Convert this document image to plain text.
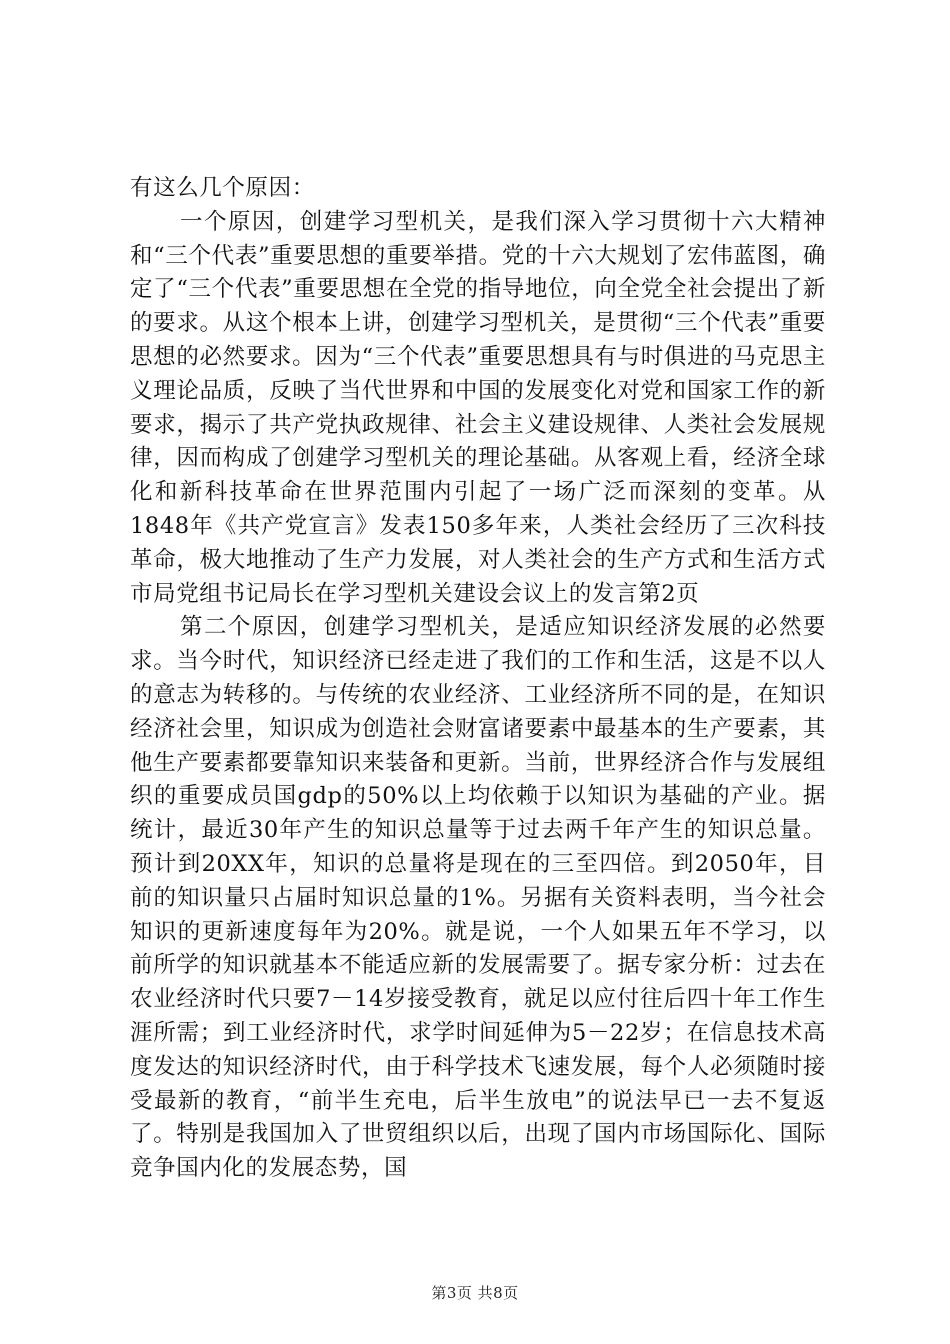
有这么几个原因：

一个原因，创建学习型机关，是我们深入学习贯彻十六大精神和“三个代表”重要思想的重要举措。党的十六大规划了宏伟蓝图，确定了“三个代表”重要思想在全党的指导地位，向全党全社会提出了新的要求。从这个根本上讲，创建学习型机关，是贯彻“三个代表”重要思想的必然要求。因为“三个代表”重要思想具有与时俱进的马克思主义理论品质，反映了当代世界和中国的发展变化对党和国家工作的新要求，揭示了共产党执政规律、社会主义建设规律、人类社会发展规律，因而构成了创建学习型机关的理论基础。从客观上看，经济全球化和新科技革命在世界范围内引起了一场广泛而深刻的变革。从1848年《共产党宣言》发表150多年来，人类社会经历了三次科技革命，极大地推动了生产力发展，对人类社会的生产方式和生活方式市局党组书记局长在学习型机关建设会议上的发言第2页

第二个原因，创建学习型机关，是适应知识经济发展的必然要求。当今时代，知识经济已经走进了我们的工作和生活，这是不以人的意志为转移的。与传统的农业经济、工业经济所不同的是，在知识经济社会里，知识成为创造社会财富诸要素中最基本的生产要素，其他生产要素都要靠知识来装备和更新。当前，世界经济合作与发展组织的重要成员国gdp的50%以上均依赖于以知识为基础的产业。据统计，最近30年产生的知识总量等于过去两千年产生的知识总量。预计到20XX年，知识的总量将是现在的三至四倍。到2050年，目前的知识量只占届时知识总量的1%。另据有关资料表明，当今社会知识的更新速度每年为20%。就是说，一个人如果五年不学习，以前所学的知识就基本不能适应新的发展需要了。据专家分析：过去在农业经济时代只要7－14岁接受教育，就足以应付往后四十年工作生涯所需；到工业经济时代，求学时间延伸为5－22岁；在信息技术高度发达的知识经济时代，由于科学技术飞速发展，每个人必须随时接受最新的教育，“前半生充电，后半生放电”的说法早已一去不复返了。特别是我国加入了世贸组织以后，出现了国内市场国际化、国际竞争国内化的发展态势，国

第3页 共8页
